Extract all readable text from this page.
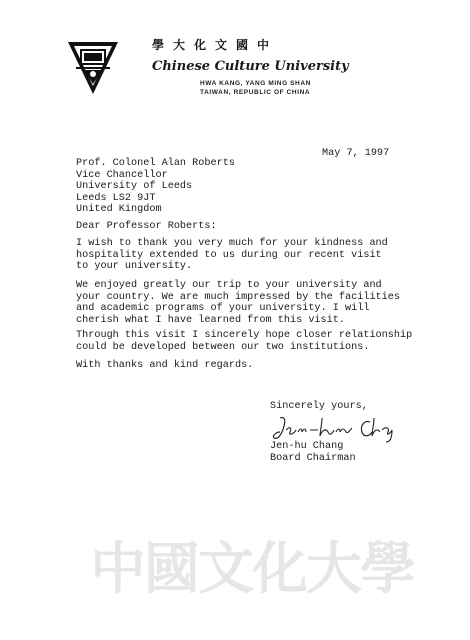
學大化文國中
Chinese Culture University
HWA KANG, YANG MING SHAN
TAIWAN, REPUBLIC OF CHINA
May 7, 1997
Prof. Colonel Alan Roberts
Vice Chancellor
University of Leeds
Leeds LS2 9JT
United Kingdom
Dear Professor Roberts:
I wish to thank you very much for your kindness and
hospitality extended to us during our recent visit
to your university.
We enjoyed greatly our trip to your university and
your country. We are much impressed by the facilities
and academic programs of your university. I will
cherish what I have learned from this visit.
Through this visit I sincerely hope closer relationship
could be developed between our two institutions.
With thanks and kind regards.
Sincerely yours,
Jen-hu Chang
Board Chairman
中國文化大學
